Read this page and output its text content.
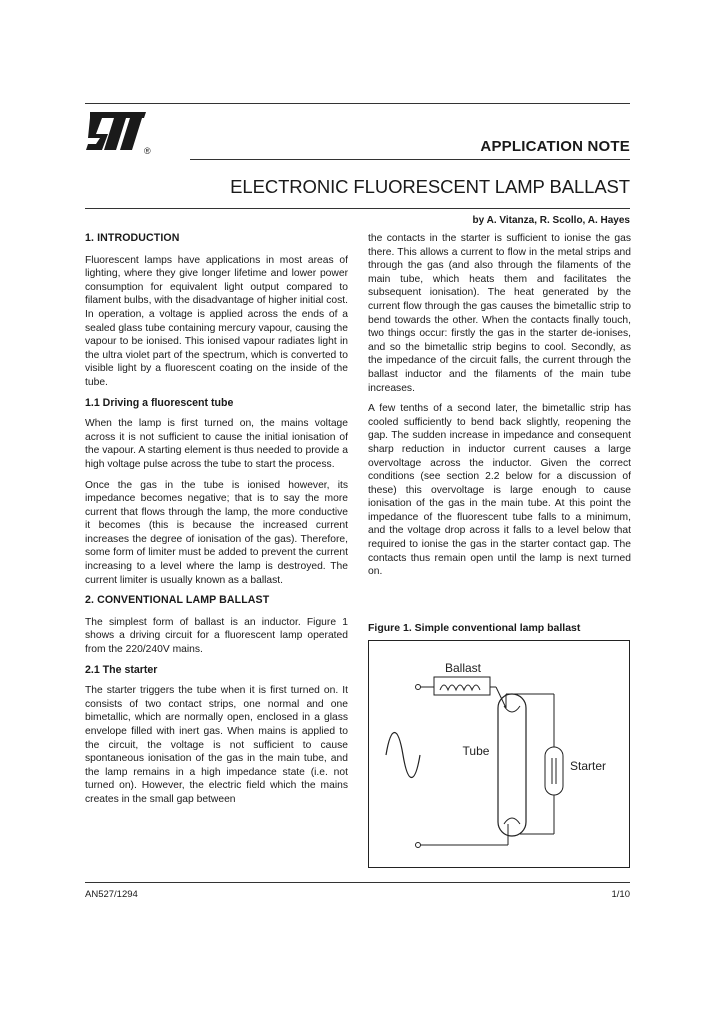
®	APPLICATION NOTE
ELECTRONIC FLUORESCENT LAMP BALLAST
by A. Vitanza, R. Scollo, A. Hayes
1. INTRODUCTION

Fluorescent lamps have applications in most areas of lighting, where they give longer lifetime and lower power consumption for equivalent light output compared to filament bulbs, with the disadvantage of higher initial cost. In operation, a voltage is applied across the ends of a sealed glass tube containing mercury vapour, causing the vapour to be ionised. This ionised vapour radiates light in the ultra violet part of the spectrum, which is converted to visible light by a fluorescent coating on the inside of the tube.

1.1 Driving a fluorescent tube

When the lamp is first turned on, the mains voltage across it is not sufficient to cause the initial ionisation of the vapour. A starting element is thus needed to provide a high voltage pulse across the tube to start the process.

Once the gas in the tube is ionised however, its impedance becomes negative; that is to say the more current that flows through the lamp, the more conductive it becomes (this is because the increased current increases the degree of ionisation of the gas). Therefore, some form of limiter must be added to prevent the current increasing to a level where the lamp is destroyed. The current limiter is usually known as a ballast.

2. CONVENTIONAL LAMP BALLAST

The simplest form of ballast is an inductor. Figure 1 shows a driving circuit for a fluorescent lamp operated from the 220/240V mains.

2.1 The starter

The starter triggers the tube when it is first turned on. It consists of two contact strips, one normal and one bimetallic, which are normally open, enclosed in a glass envelope filled with inert gas. When mains is applied to the circuit, the voltage is not sufficient to cause spontaneous ionisation of the gas in the main tube, and the lamp remains in a high impedance state (i.e. not turned on). However, the electric field which the mains creates in the small gap between

the contacts in the starter is sufficient to ionise the gas there. This allows a current to flow in the metal strips and through the gas (and also through the filaments of the main tube, which heats them and facilitates the subsequent ionisation). The heat generated by the current flow through the gas causes the bimetallic strip to bend towards the other. When the contacts finally touch, two things occur: firstly the gas in the starter de-ionises, and so the bimetallic strip begins to cool. Secondly, as the impedance of the circuit falls, the current through the ballast inductor and the filaments of the main tube increases.

A few tenths of a second later, the bimetallic strip has cooled sufficiently to bend back slightly, reopening the gap. The sudden increase in impedance and consequent sharp reduction in inductor current causes a large overvoltage across the inductor. Given the correct conditions (see section 2.2 below for a discussion of these) this overvoltage is large enough to cause ionisation of the gas in the main tube. At this point the impedance of the fluorescent tube falls to a minimum, and the voltage drop across it falls to a level below that required to ionise the gas in the starter contact gap. The contacts thus remain open until the lamp is next turned on.

Figure 1. Simple conventional lamp ballast
Ballast
Tube
Starter
AN527/1294	1/10
